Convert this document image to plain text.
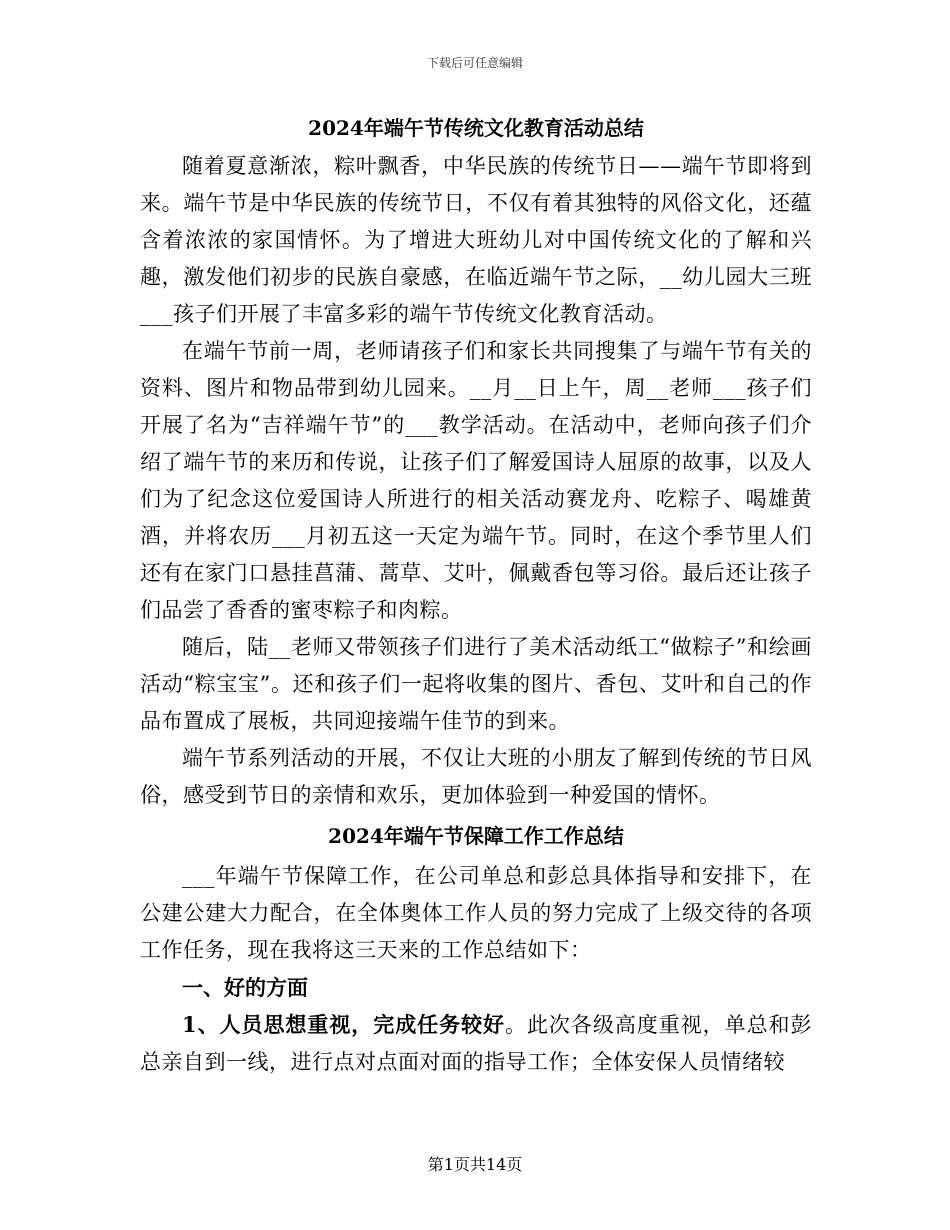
下载后可任意编辑
2024年端午节传统文化教育活动总结

随着夏意渐浓，粽叶飘香，中华民族的传统节日——端午节即将到来。端午节是中华民族的传统节日，不仅有着其独特的风俗文化，还蕴含着浓浓的家国情怀。为了增进大班幼儿对中国传统文化的了解和兴趣，激发他们初步的民族自豪感，在临近端午节之际，__幼儿园大三班___孩子们开展了丰富多彩的端午节传统文化教育活动。

在端午节前一周，老师请孩子们和家长共同搜集了与端午节有关的资料、图片和物品带到幼儿园来。__月__日上午，周__老师___孩子们开展了名为“吉祥端午节”的___教学活动。在活动中，老师向孩子们介绍了端午节的来历和传说，让孩子们了解爱国诗人屈原的故事，以及人们为了纪念这位爱国诗人所进行的相关活动赛龙舟、吃粽子、喝雄黄酒，并将农历___月初五这一天定为端午节。同时，在这个季节里人们还有在家门口悬挂菖蒲、蒿草、艾叶，佩戴香包等习俗。最后还让孩子们品尝了香香的蜜枣粽子和肉粽。

随后，陆__老师又带领孩子们进行了美术活动纸工“做粽子”和绘画活动“粽宝宝”。还和孩子们一起将收集的图片、香包、艾叶和自己的作品布置成了展板，共同迎接端午佳节的到来。

端午节系列活动的开展，不仅让大班的小朋友了解到传统的节日风俗，感受到节日的亲情和欢乐，更加体验到一种爱国的情怀。

2024年端午节保障工作工作总结

___年端午节保障工作，在公司单总和彭总具体指导和安排下，在公建公建大力配合，在全体奥体工作人员的努力完成了上级交待的各项工作任务，现在我将这三天来的工作总结如下：

一、好的方面

1、人员思想重视，完成任务较好。此次各级高度重视，单总和彭总亲自到一线，进行点对点面对面的指导工作；全体安保人员情绪较

第1页共14页
